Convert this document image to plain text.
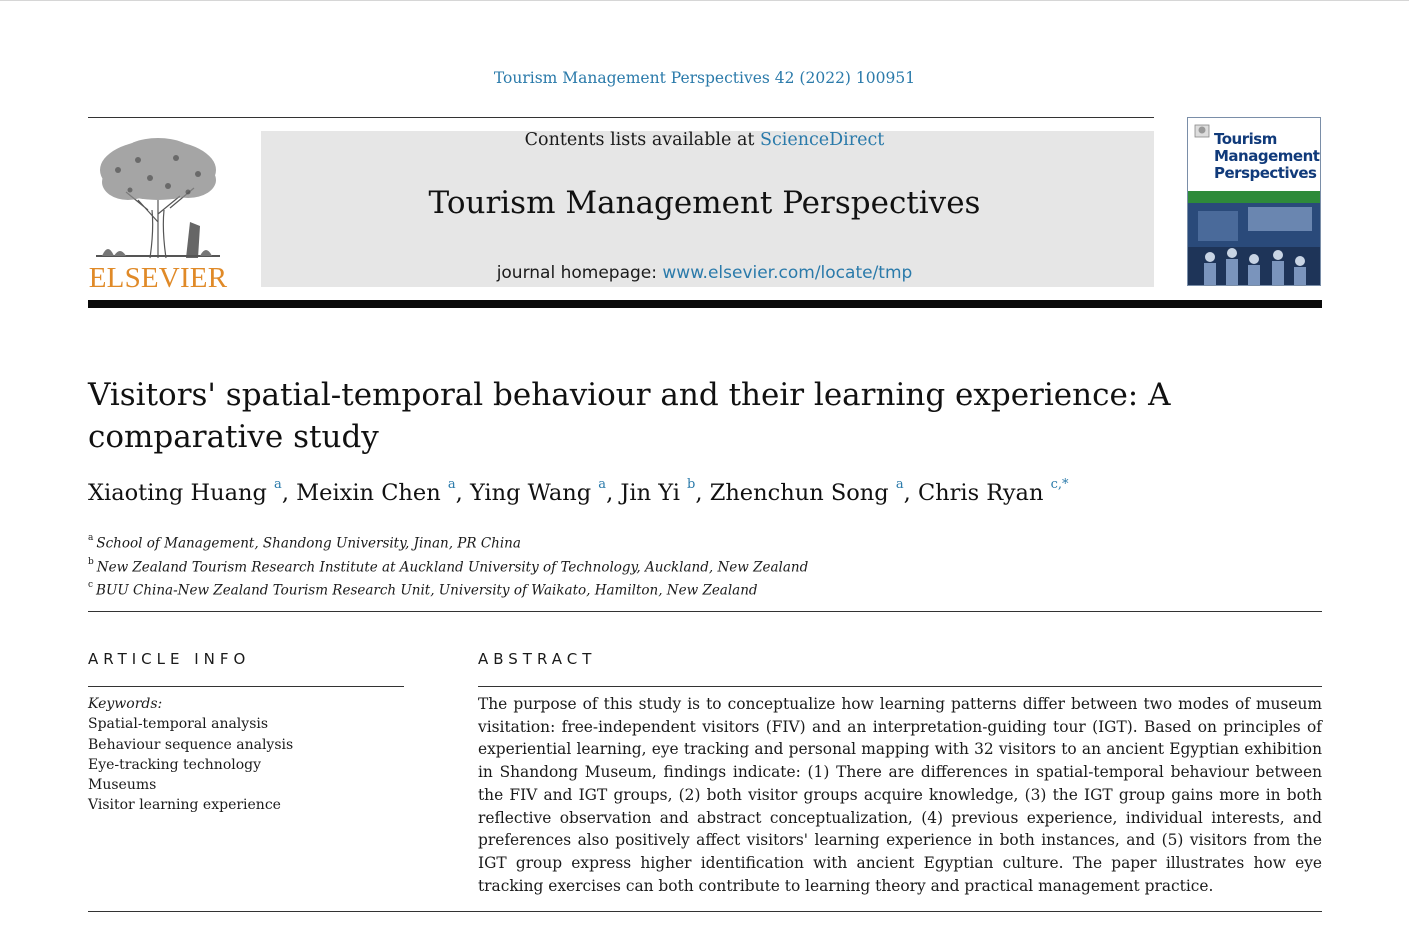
Tourism Management Perspectives 42 (2022) 100951
ELSEVIER
Contents lists available at ScienceDirect
Tourism Management Perspectives
journal homepage: www.elsevier.com/locate/tmp
Tourism
Management
Perspectives
Visitors' spatial-temporal behaviour and their learning experience: A comparative study
Xiaoting Huang $^a$, Meixin Chen $^a$, Ying Wang $^a$, Jin Yi $^b$, Zhenchun Song $^a$, Chris Ryan $^{c,*}$
$^a$ School of Management, Shandong University, Jinan, PR China
$^b$ New Zealand Tourism Research Institute at Auckland University of Technology, Auckland, New Zealand
$^c$ BUU China-New Zealand Tourism Research Unit, University of Waikato, Hamilton, New Zealand
ARTICLE INFO	ABSTRACT
Keywords:
Spatial-temporal analysis
Behaviour sequence analysis
Eye-tracking technology
Museums
Visitor learning experience
The purpose of this study is to conceptualize how learning patterns differ between two modes of museum visitation: free-independent visitors (FIV) and an interpretation-guiding tour (IGT). Based on principles of experiential learning, eye tracking and personal mapping with 32 visitors to an ancient Egyptian exhibition in Shandong Museum, findings indicate: (1) There are differences in spatial-temporal behaviour between the FIV and IGT groups, (2) both visitor groups acquire knowledge, (3) the IGT group gains more in both reflective observation and abstract conceptualization, (4) previous experience, individual interests, and preferences also positively affect visitors' learning experience in both instances, and (5) visitors from the IGT group express higher identification with ancient Egyptian culture. The paper illustrates how eye tracking exercises can both contribute to learning theory and practical management practice.
